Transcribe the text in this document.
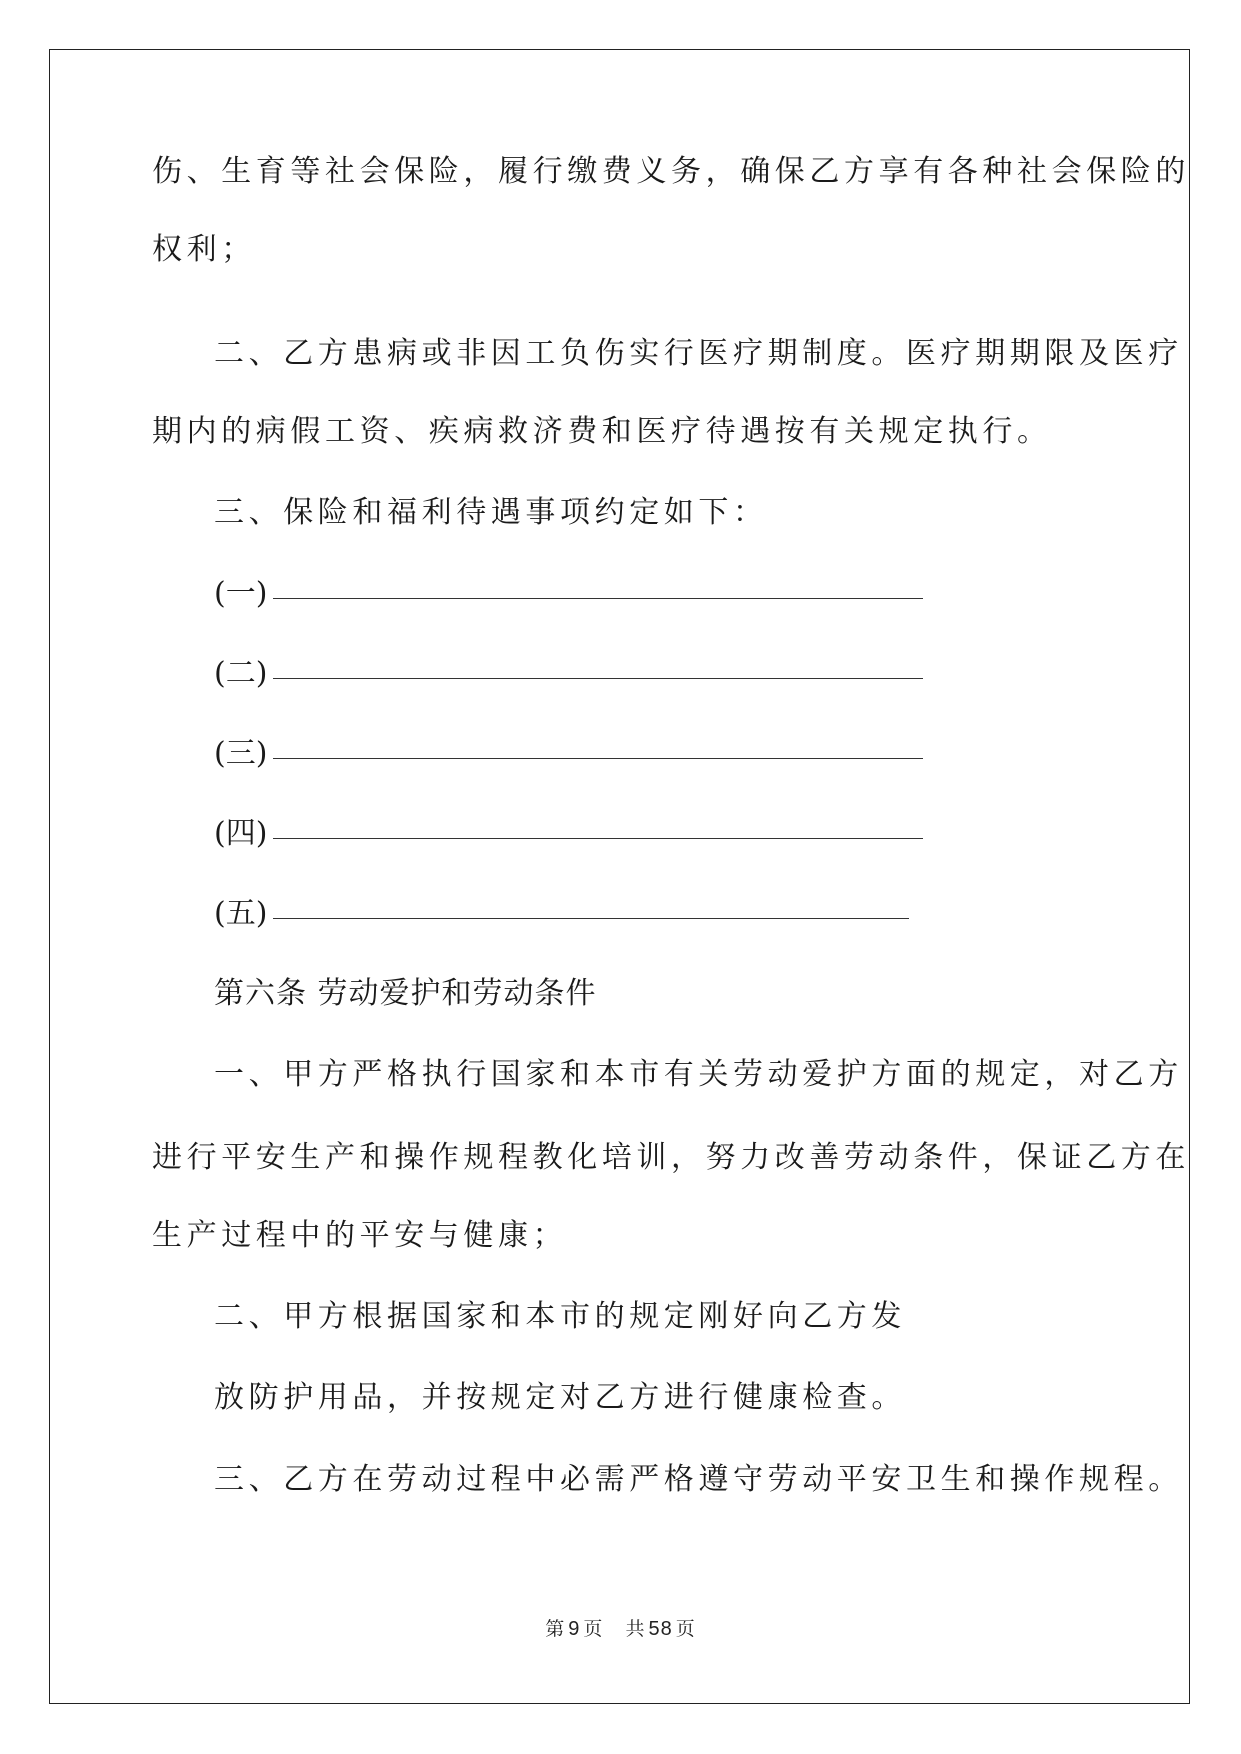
伤、生育等社会保险，履行缴费义务，确保乙方享有各种社会保险的
权利；
二、乙方患病或非因工负伤实行医疗期制度。医疗期期限及医疗
期内的病假工资、疾病救济费和医疗待遇按有关规定执行。
三、保险和福利待遇事项约定如下：
(一)
(二)
(三)
(四)
(五)
第六条 劳动爱护和劳动条件
一、甲方严格执行国家和本市有关劳动爱护方面的规定，对乙方
进行平安生产和操作规程教化培训，努力改善劳动条件，保证乙方在
生产过程中的平安与健康；
二、甲方根据国家和本市的规定刚好向乙方发
放防护用品，并按规定对乙方进行健康检查。
三、乙方在劳动过程中必需严格遵守劳动平安卫生和操作规程。
第 9 页 共 58 页
